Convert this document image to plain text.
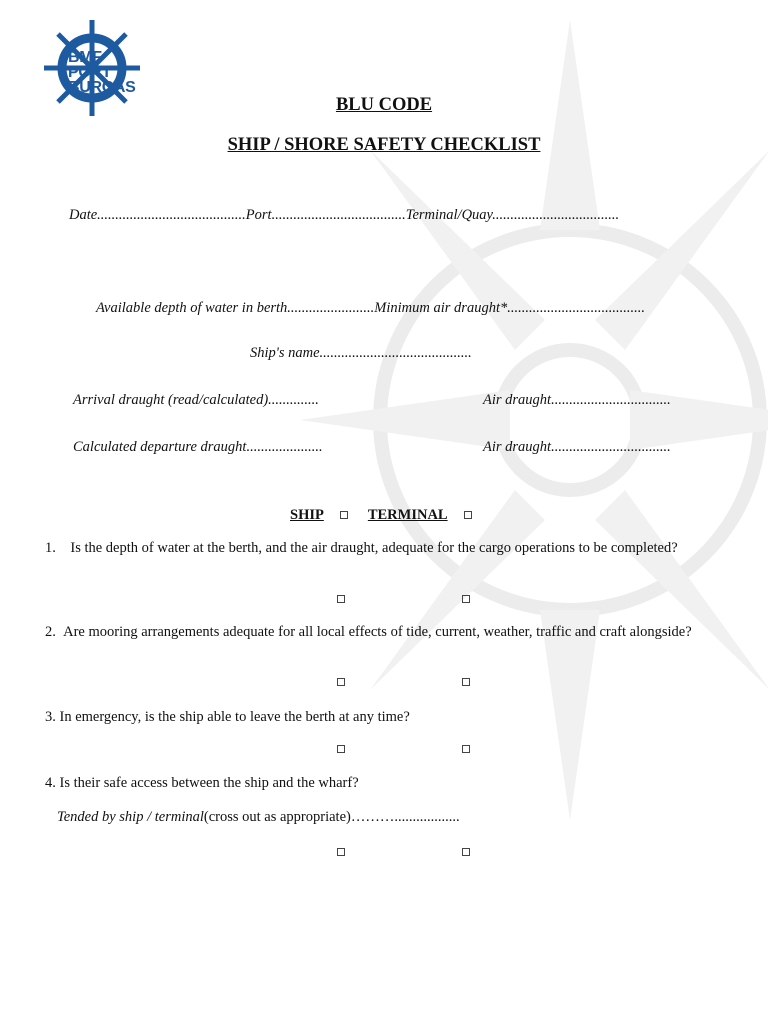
BMF
PORT
BURGAS
BLU CODE
SHIP / SHORE SAFETY CHECKLIST
Date.........................................Port.....................................Terminal/Quay...................................
Available depth of water in berth........................Minimum air draught*......................................
Ship's name..........................................
Arrival draught (read/calculated)..............	Air draught.................................
Calculated departure draught.....................	Air draught.................................
SHIP	TERMINAL
1. Is the depth of water at the berth, and the air draught, adequate for the cargo operations to be completed?
2. Are mooring arrangements adequate for all local effects of tide, current, weather, traffic and craft alongside?
3. In emergency, is the ship able to leave the berth at any time?
4. Is their safe access between the ship and the wharf?
Tended by ship / terminal(cross out as appropriate)………..................
